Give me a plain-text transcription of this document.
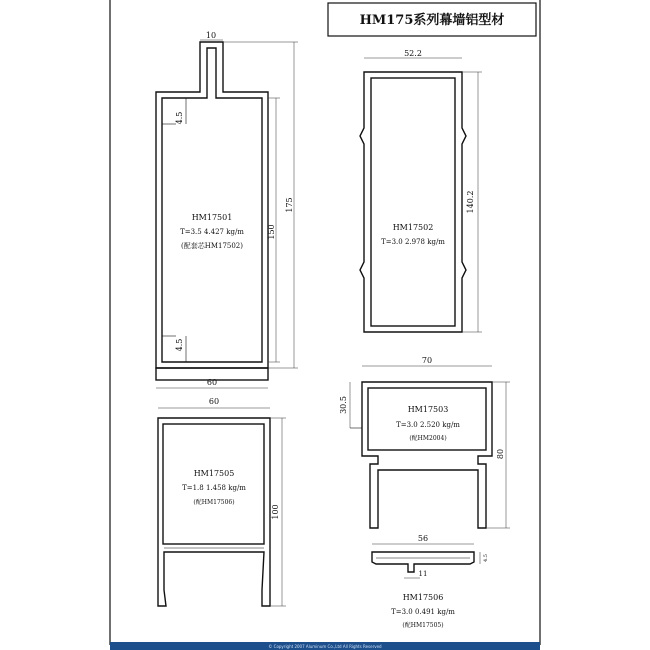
HM175系列幕墙铝型材
10
4.5
4.5
150
175
60
HM17501
T=3.5 4.427 kg/m
(配套芯HM17502)
52.2
140.2
HM17502
T=3.0 2.978 kg/m
70
30.5
80
HM17503
T=3.0 2.520 kg/m
(配HM2004)
60
100
HM17505
T=1.8 1.458 kg/m
(配HM17506)
56
11
4.5
HM17506
T=3.0 0.491 kg/m
(配HM17505)
© Copyright 2007 Aluminum Co.,Ltd All Rights Reserved
